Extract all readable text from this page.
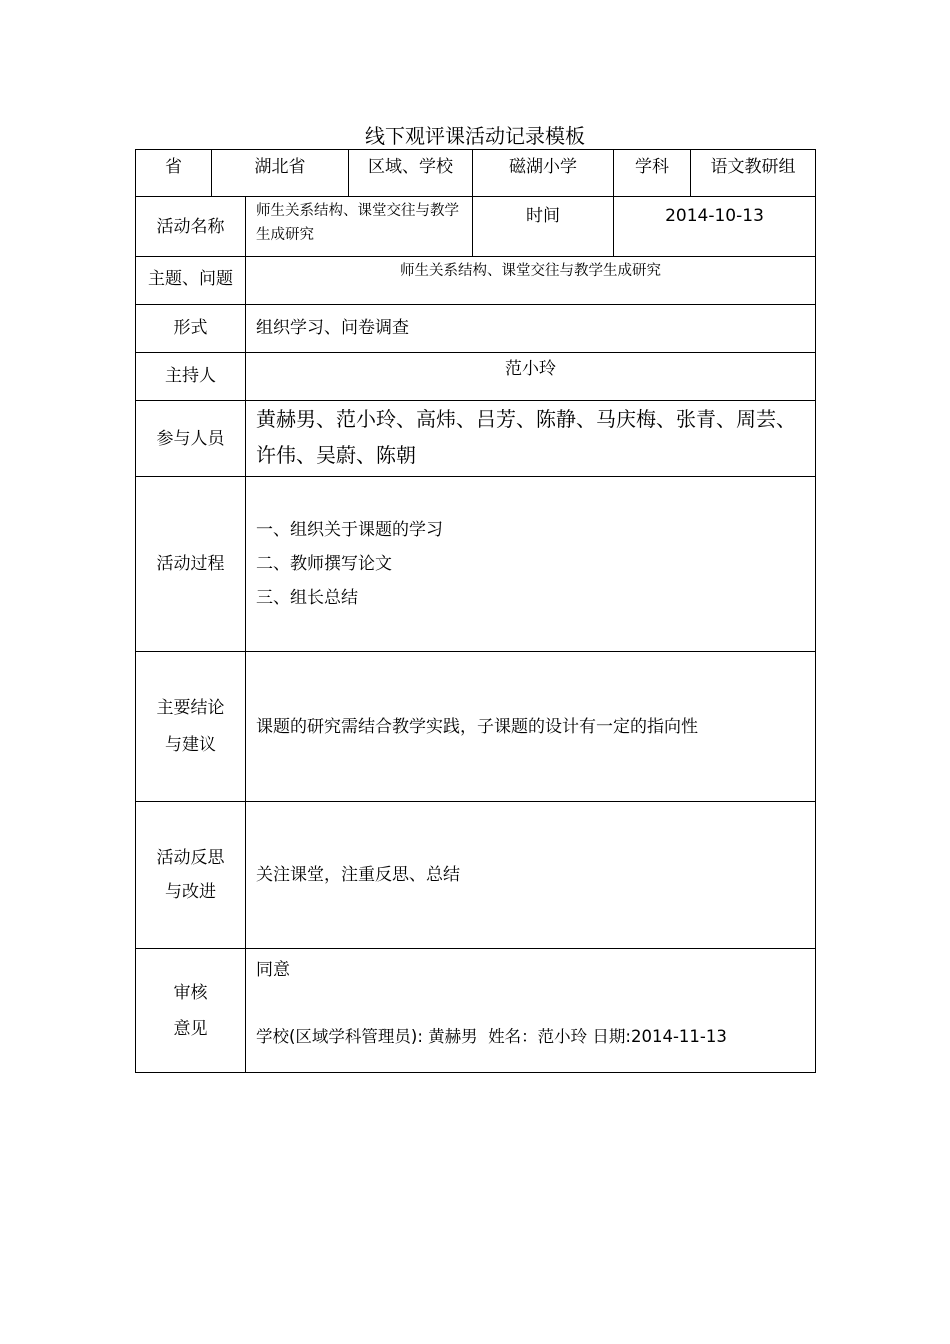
线下观评课活动记录模板
省	湖北省		区域、学校	磁湖小学	学科	语文教研组
活动名称		师生关系结构、课堂交往与教学生成研究		时间	2014-10-13	
主题、问题		师生关系结构、课堂交往与教学生成研究				
形式		组织学习、问卷调查				
主持人		范小玲				
参与人员		黄赫男、范小玲、高炜、吕芳、陈静、马庆梅、张青、周芸、许伟、吴蔚、陈朝				
活动过程		一、组织关于课题的学习
二、教师撰写论文
三、组长总结				

主要结论
与建议		课题的研究需结合教学实践，子课题的设计有一定的指向性				

活动反思
与改进		关注课堂，注重反思、总结				

审核
意见		同意
学校(区域学科管理员): 黄赫男  姓名：范小玲 日期:2014-11-13				
